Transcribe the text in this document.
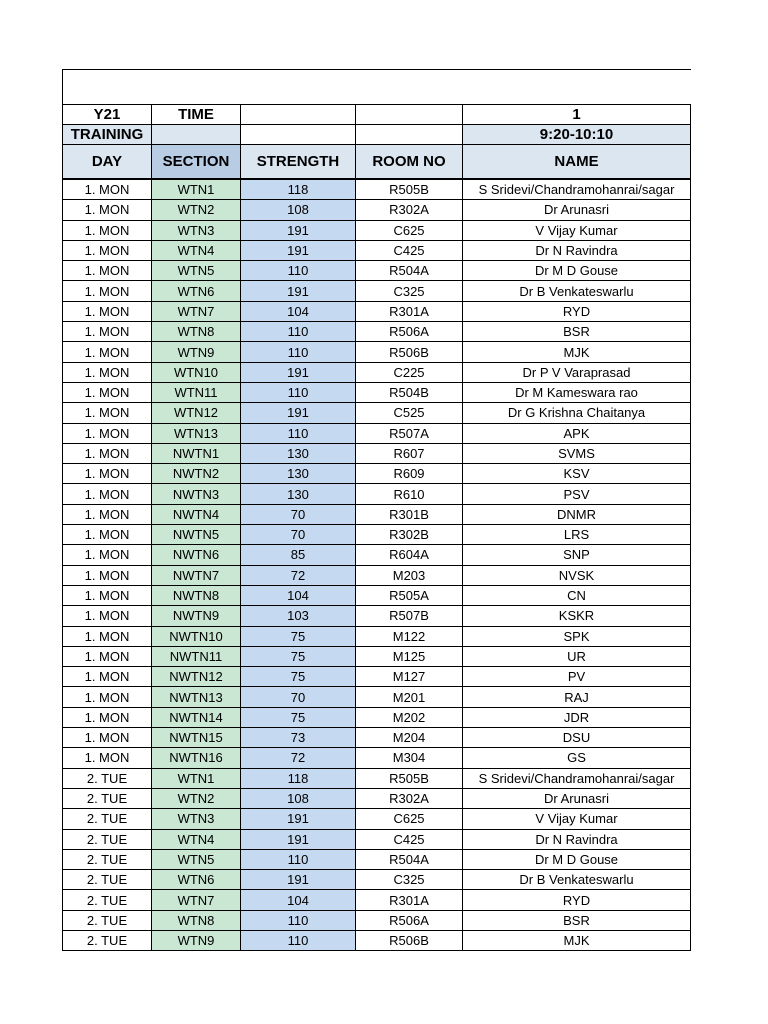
Y21	TIME			1
TRAINING				9:20-10:10
DAY	SECTION	STRENGTH	ROOM NO	NAME
1. MON	WTN1	118	R505B	S Sridevi/Chandramohanrai/sagar
1. MON	WTN2	108	R302A	Dr Arunasri
1. MON	WTN3	191	C625	V Vijay Kumar
1. MON	WTN4	191	C425	Dr N Ravindra
1. MON	WTN5	110	R504A	Dr M D Gouse
1. MON	WTN6	191	C325	Dr B Venkateswarlu
1. MON	WTN7	104	R301A	RYD
1. MON	WTN8	110	R506A	BSR
1. MON	WTN9	110	R506B	MJK
1. MON	WTN10	191	C225	Dr P V Varaprasad
1. MON	WTN11	110	R504B	Dr M Kameswara rao
1. MON	WTN12	191	C525	Dr G Krishna Chaitanya
1. MON	WTN13	110	R507A	APK
1. MON	NWTN1	130	R607	SVMS
1. MON	NWTN2	130	R609	KSV
1. MON	NWTN3	130	R610	PSV
1. MON	NWTN4	70	R301B	DNMR
1. MON	NWTN5	70	R302B	LRS
1. MON	NWTN6	85	R604A	SNP
1. MON	NWTN7	72	M203	NVSK
1. MON	NWTN8	104	R505A	CN
1. MON	NWTN9	103	R507B	KSKR
1. MON	NWTN10	75	M122	SPK
1. MON	NWTN11	75	M125	UR
1. MON	NWTN12	75	M127	PV
1. MON	NWTN13	70	M201	RAJ
1. MON	NWTN14	75	M202	JDR
1. MON	NWTN15	73	M204	DSU
1. MON	NWTN16	72	M304	GS
2. TUE	WTN1	118	R505B	S Sridevi/Chandramohanrai/sagar
2. TUE	WTN2	108	R302A	Dr Arunasri
2. TUE	WTN3	191	C625	V Vijay Kumar
2. TUE	WTN4	191	C425	Dr N Ravindra
2. TUE	WTN5	110	R504A	Dr M D Gouse
2. TUE	WTN6	191	C325	Dr B Venkateswarlu
2. TUE	WTN7	104	R301A	RYD
2. TUE	WTN8	110	R506A	BSR
2. TUE	WTN9	110	R506B	MJK
